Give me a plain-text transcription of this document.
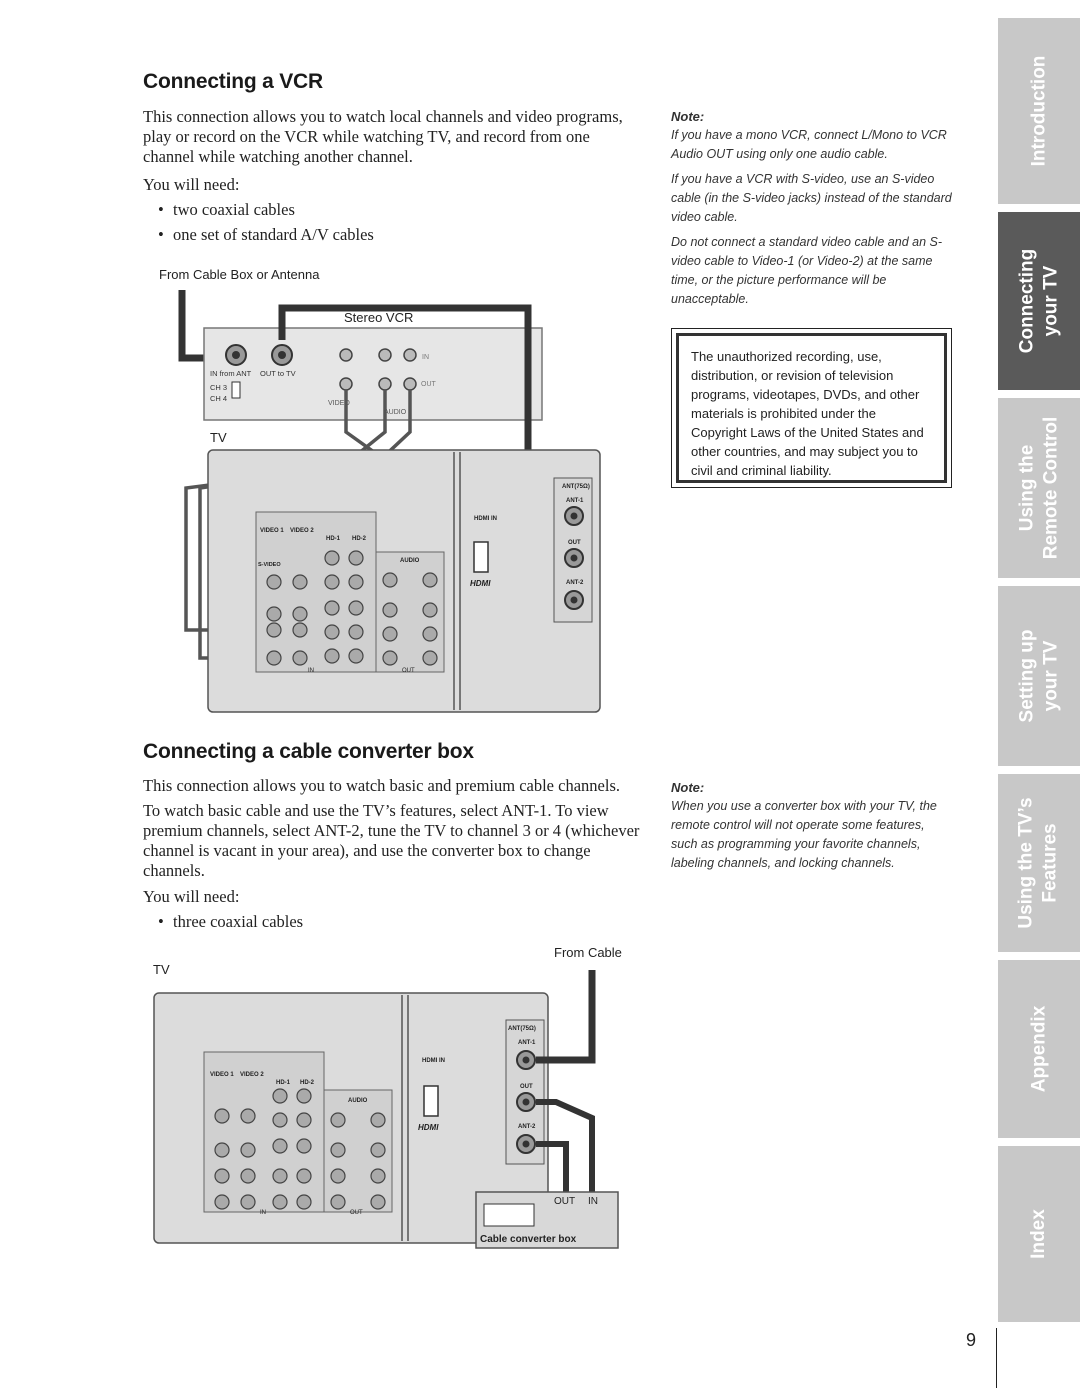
Connecting a VCR

This connection allows you to watch local channels and video programs, play or record on the VCR while watching TV, and record from one channel while watching another channel.

You will need:

• two coaxial cables
• one set of standard A/V cables
Note:

If you have a mono VCR, connect L/Mono to VCR Audio OUT using only one audio cable.

If you have a VCR with S-video, use an S-video cable (in the S-video jacks) instead of the standard video cable.

Do not connect a standard video cable and an S-video cable to Video-1 (or Video-2) at the same time, or the picture performance will be unacceptable.

The unauthorized recording, use, distribution, or revision of television programs, videotapes, DVDs, and other materials is prohibited under the Copyright Laws of the United States and other countries, and may subject you to civil and criminal liability.
From Cable Box or Antenna
Stereo VCR
IN from ANT OUT to TV
CH 3
CH 4
IN
OUT
VIDEO
AUDIO
TV
VIDEO 1 VIDEO 2
HD-1 HD-2
S-VIDEO
AUDIO
IN	OUT
HDMI IN
HDMI
ANT(75Ω)
ANT-1
OUT
ANT-2
Connecting a cable converter box

This connection allows you to watch basic and premium cable channels.

To watch basic cable and use the TV’s features, select ANT-1. To view premium channels, select ANT-2, tune the TV to channel 3 or 4 (whichever channel is vacant in your area), and use the converter box to change channels.

You will need:

• three coaxial cables
Note:

When you use a converter box with your TV, the remote control will not operate some features, such as programming your favorite channels, labeling channels, and locking channels.

From Cable
TV
VIDEO 1 VIDEO 2
HD-1 HD-2
AUDIO
IN	OUT
HDMI IN
HDMI
ANT(75Ω)
ANT-1
OUT
ANT-2
OUT IN
Cable converter box
Introduction
Connecting your TV
Using the Remote Control
Setting up your TV
Using the TV’s Features
Appendix
Index
9
